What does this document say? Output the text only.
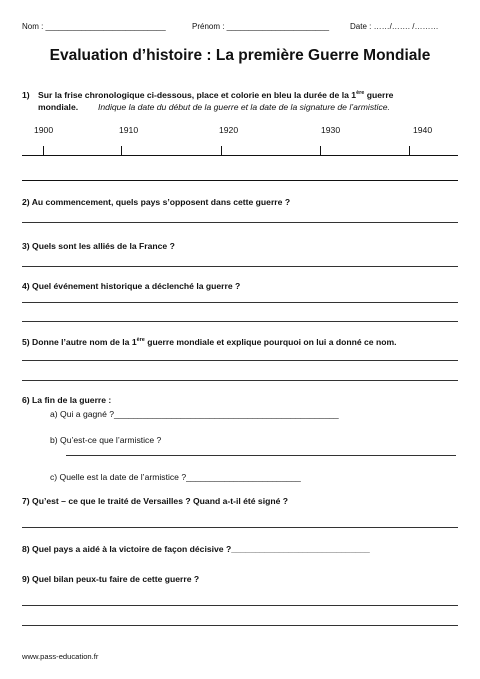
Nom : ___________________________	Prénom : _______________________	Date : ……/……. /………
Evaluation d’histoire : La première Guerre Mondiale
1) Sur la frise chronologique ci-dessous, place et colorie en bleu la durée de la 1ère guerre
mondiale. Indique la date du début de la guerre et la date de la signature de l’armistice.
1900	1910	1920	1930	1940
2) Au commencement, quels pays s’opposent dans cette guerre ?
3) Quels sont les alliés de la France ?
4) Quel événement historique a déclenché la guerre ?
5) Donne l’autre nom de la 1ère guerre mondiale et explique pourquoi on lui a donné ce nom.
6) La fin de la guerre :
a) Qui a gagné ?_______________________________________________
b) Qu’est-ce que l’armistice ?
c) Quelle est la date de l’armistice ?________________________
7) Qu’est – ce que le traité de Versailles ? Quand a-t-il été signé ?
8) Quel pays a aidé à la victoire de façon décisive ?_____________________________
9) Quel bilan peux-tu faire de cette guerre ?
www.pass-education.fr
